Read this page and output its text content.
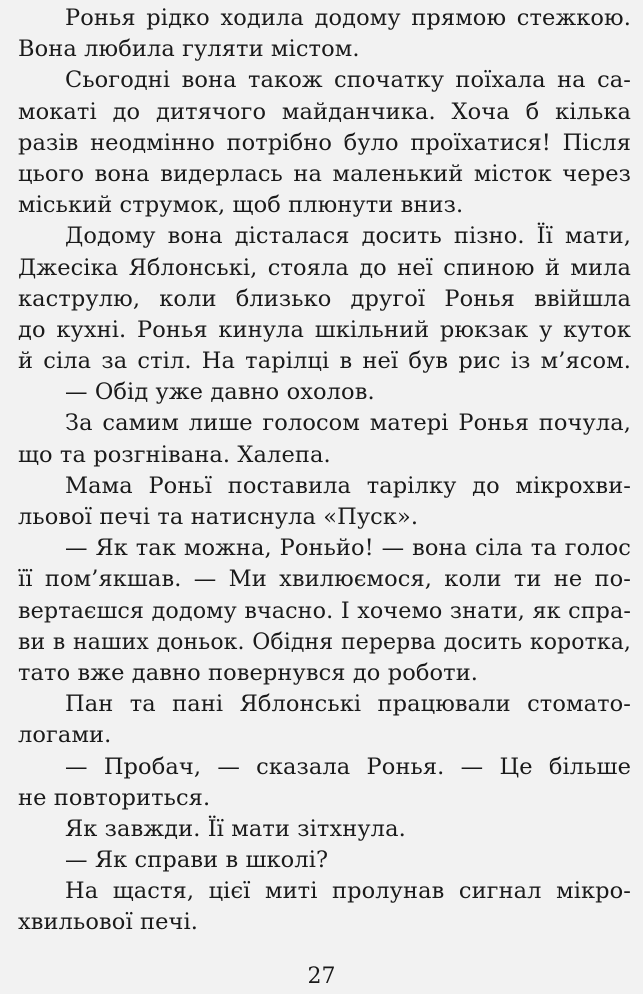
Ронья рідко ходила додому прямою стежкою.
Вона любила гуляти містом.
Сьогодні вона також спочатку поїхала на са-
мокаті до дитячого майданчика. Хоча б кілька
разів неодмінно потрібно було проїхатися! Після
цього вона видерлась на маленький місток через
міський струмок, щоб плюнути вниз.
Додому вона дісталася досить пізно. Її мати,
Джесіка Яблонські, стояла до неї спиною й мила
каструлю, коли близько другої Ронья ввійшла
до кухні. Ронья кинула шкільний рюкзак у куток
й сіла за стіл. На тарілці в неї був рис із м’ясом.
— Обід уже давно охолов.
За самим лише голосом матері Ронья почула,
що та розгнівана. Халепа.
Мама Роньї поставила тарілку до мікрохви-
льової печі та натиснула «Пуск».
— Як так можна, Роньйо! — вона сіла та голос
її пом’якшав. — Ми хвилюємося, коли ти не по-
вертаєшся додому вчасно. І хочемо знати, як спра-
ви в наших доньок. Обідня перерва досить коротка,
тато вже давно повернувся до роботи.
Пан та пані Яблонські працювали стомато-
логами.
— Пробач, — сказала Ронья. — Це більше
не повториться.
Як завжди. Її мати зітхнула.
— Як справи в школі?
На щастя, цієї миті пролунав сигнал мікро-
хвильової печі.
27
